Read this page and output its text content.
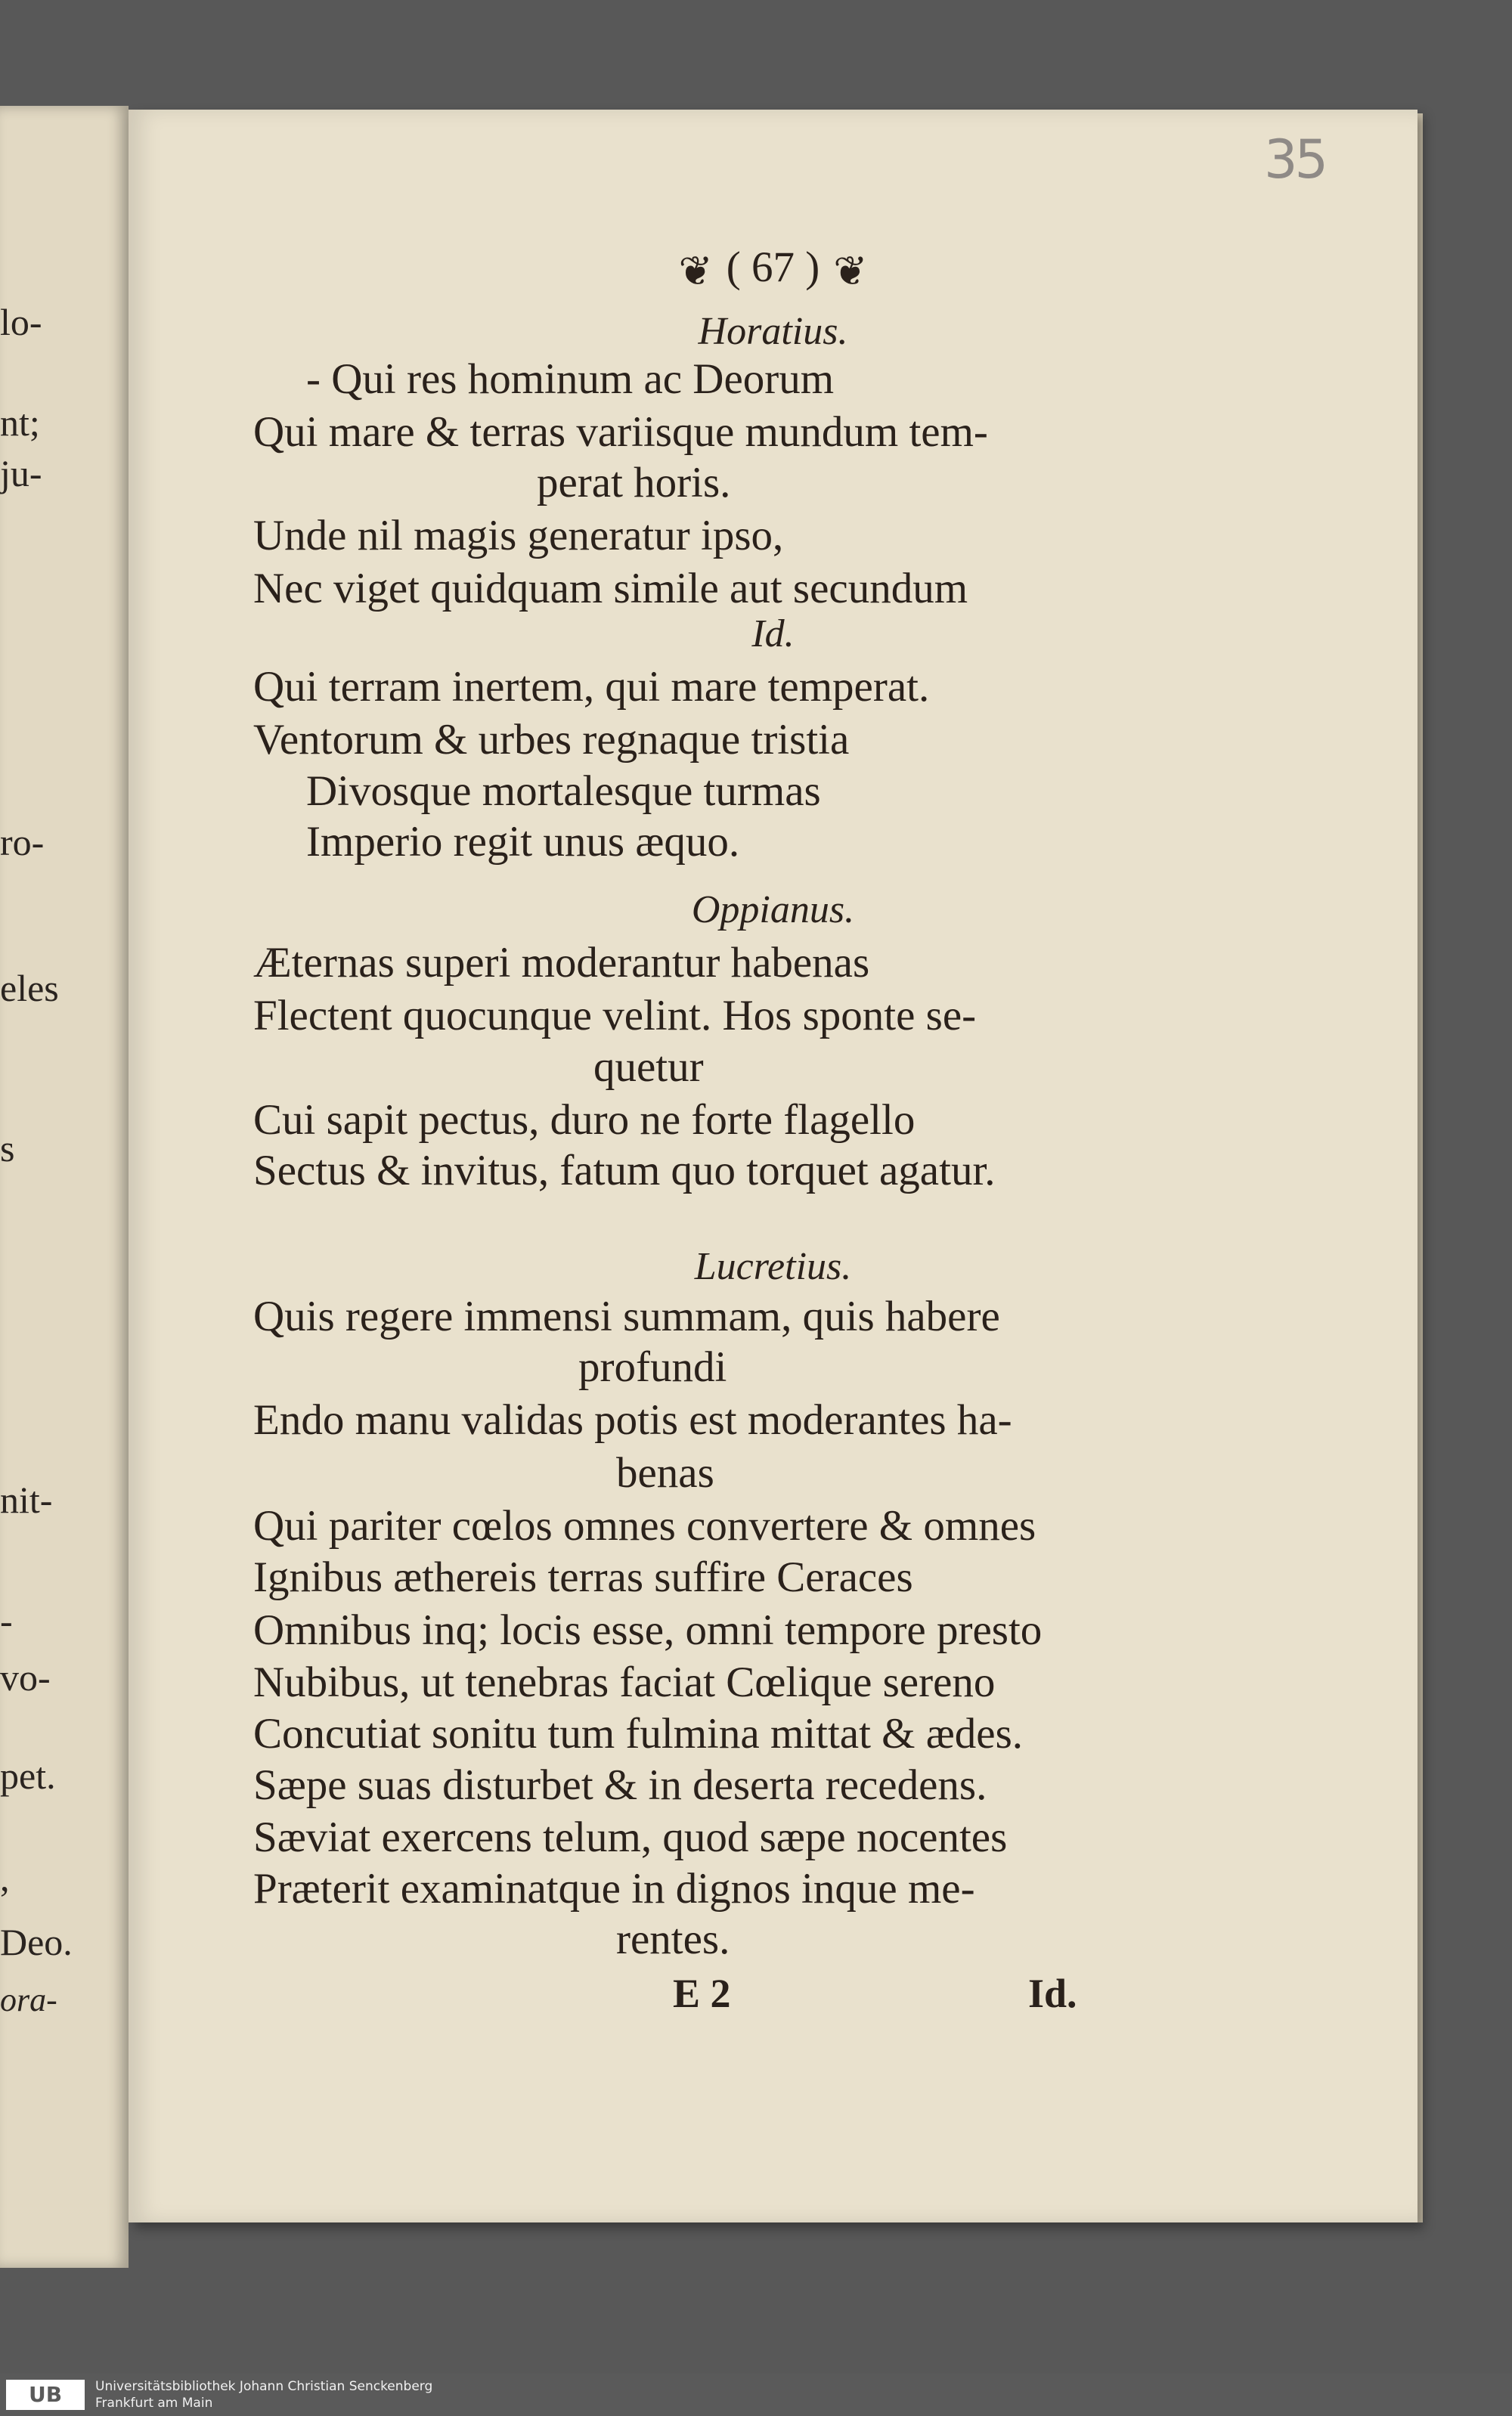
lo-
nt;
ju-
ro-
eles
s
nit-
-
vo-
pet.
,
Deo.
ora-
❦ ( 67 ) ❦
Horatius.
- Qui res hominum ac Deorum
Qui mare & terras variisque mundum tem-
perat horis.
Unde nil magis generatur ipso,
Nec viget quidquam simile aut secundum
Id.
Qui terram inertem, qui mare temperat.
Ventorum & urbes regnaque tristia
Divosque mortalesque turmas
Imperio regit unus æquo.
Oppianus.
Æternas superi moderantur habenas
Flectent quocunque velint. Hos sponte se-
quetur
Cui sapit pectus, duro ne forte flagello
Sectus & invitus, fatum quo torquet agatur.
Lucretius.
Quis regere immensi summam, quis habere
profundi
Endo manu validas potis est moderantes ha-
benas
Qui pariter cœlos omnes convertere & omnes
Ignibus æthereis terras suffire Ceraces
Omnibus inq; locis esse, omni tempore presto
Nubibus, ut tenebras faciat Cœlique sereno
Concutiat sonitu tum fulmina mittat & ædes.
Sæpe suas disturbet & in deserta recedens.
Sæviat exercens telum, quod sæpe nocentes
Præterit examinatque in dignos inque me-
rentes.
E 2	Id.
35
UB	Universitätsbibliothek Johann Christian Senckenberg
Frankfurt am Main
